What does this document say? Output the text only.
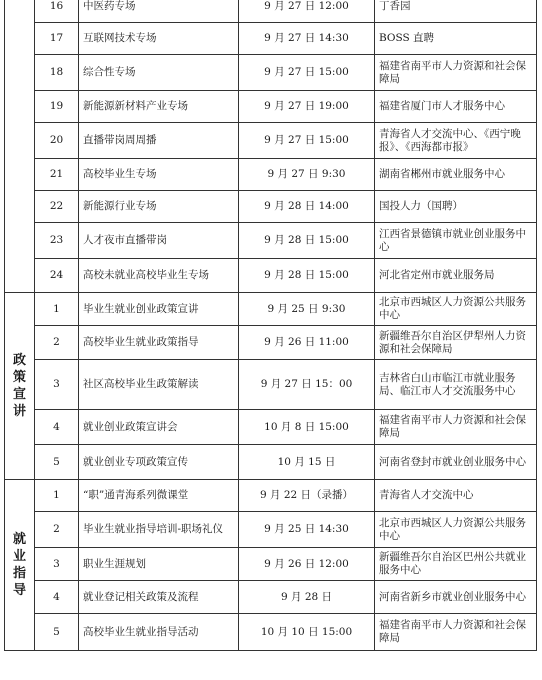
	16	中医药专场	9 月 27 日 12:00	丁香园
	17	互联网技术专场	9 月 27 日 14:30	BOSS 直聘
	18	综合性专场	9 月 27 日 15:00	福建省南平市人力资源和社会保障局
	19	新能源新材料产业专场	9 月 27 日 19:00	福建省厦门市人才服务中心
	20	直播带岗周周播	9 月 27 日 15:00	青海省人才交流中心、《西宁晚报》、《西海都市报》
	21	高校毕业生专场	9 月 27 日 9:30	湖南省郴州市就业服务中心
	22	新能源行业专场	9 月 28 日 14:00	国投人力（国聘）
	23	人才夜市直播带岗	9 月 28 日 15:00	江西省景德镇市就业创业服务中心
	24	高校未就业高校毕业生专场	9 月 28 日 15:00	河北省定州市就业服务局
政策宣讲	1	毕业生就业创业政策宣讲	9 月 25 日 9:30	北京市西城区人力资源公共服务中心
	2	高校毕业生就业政策指导	9 月 26 日 11:00	新疆维吾尔自治区伊犁州人力资源和社会保障局
	3	社区高校毕业生政策解读	9 月 27 日 15：00	吉林省白山市临江市就业服务局、临江市人才交流服务中心
	4	就业创业政策宣讲会	10 月 8 日 15:00	福建省南平市人力资源和社会保障局
	5	就业创业专项政策宣传	10 月 15 日	河南省登封市就业创业服务中心
就业指导	1	“职”通青海系列微课堂	9 月 22 日（录播）	青海省人才交流中心
	2	毕业生就业指导培训-职场礼仪	9 月 25 日 14:30	北京市西城区人力资源公共服务中心
	3	职业生涯规划	9 月 26 日 12:00	新疆维吾尔自治区巴州公共就业服务中心
	4	就业登记相关政策及流程	9 月 28 日	河南省新乡市就业创业服务中心
	5	高校毕业生就业指导活动	10 月 10 日 15:00	福建省南平市人力资源和社会保障局
